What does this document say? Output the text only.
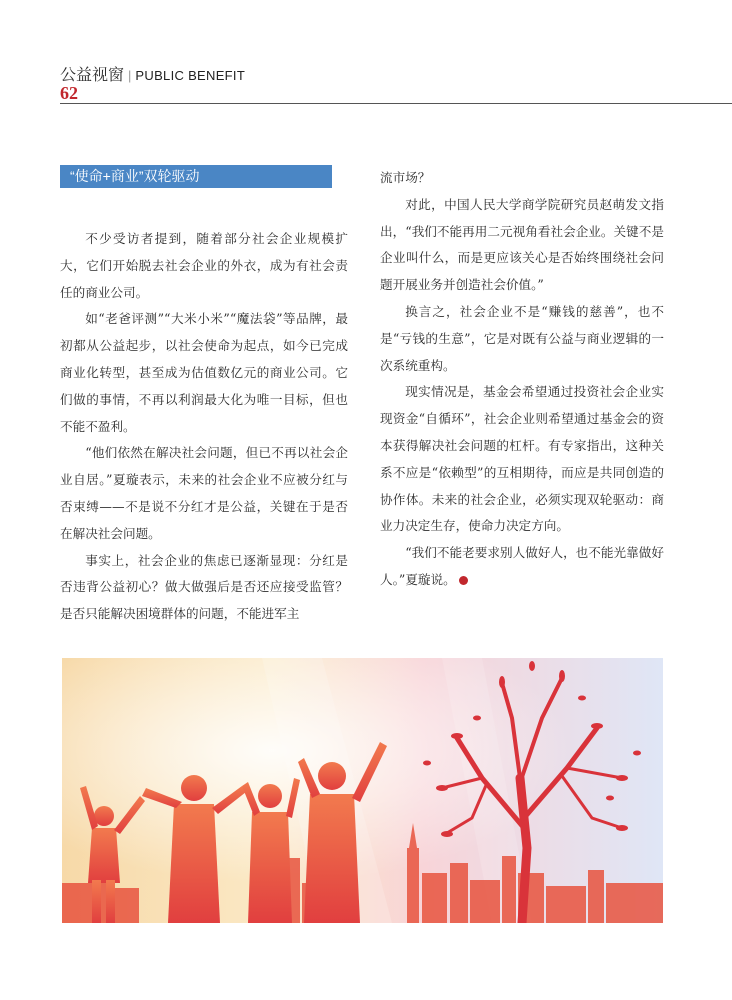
公益视窗 | PUBLIC BENEFIT
62
“使命+商业”双轮驱动

不少受访者提到，随着部分社会企业规模扩大，它们开始脱去社会企业的外衣，成为有社会责任的商业公司。

如“老爸评测”“大米小米”“魔法袋”等品牌，最初都从公益起步，以社会使命为起点，如今已完成商业化转型，甚至成为估值数亿元的商业公司。它们做的事情，不再以利润最大化为唯一目标，但也不能不盈利。

“他们依然在解决社会问题，但已不再以社会企业自居。”夏璇表示，未来的社会企业不应被分红与否束缚——不是说不分红才是公益，关键在于是否在解决社会问题。

事实上，社会企业的焦虑已逐渐显现：分红是否违背公益初心？做大做强后是否还应接受监管？是否只能解决困境群体的问题，不能进军主

流市场？

对此，中国人民大学商学院研究员赵萌发文指出，“我们不能再用二元视角看社会企业。关键不是企业叫什么，而是更应该关心是否始终围绕社会问题开展业务并创造社会价值。”

换言之，社会企业不是“赚钱的慈善”，也不是“亏钱的生意”，它是对既有公益与商业逻辑的一次系统重构。

现实情况是，基金会希望通过投资社会企业实现资金“自循环”，社会企业则希望通过基金会的资本获得解决社会问题的杠杆。有专家指出，这种关系不应是“依赖型”的互相期待，而应是共同创造的协作体。未来的社会企业，必须实现双轮驱动：商业力决定生存，使命力决定方向。

“我们不能老要求别人做好人，也不能光靠做好人。”夏璇说。
